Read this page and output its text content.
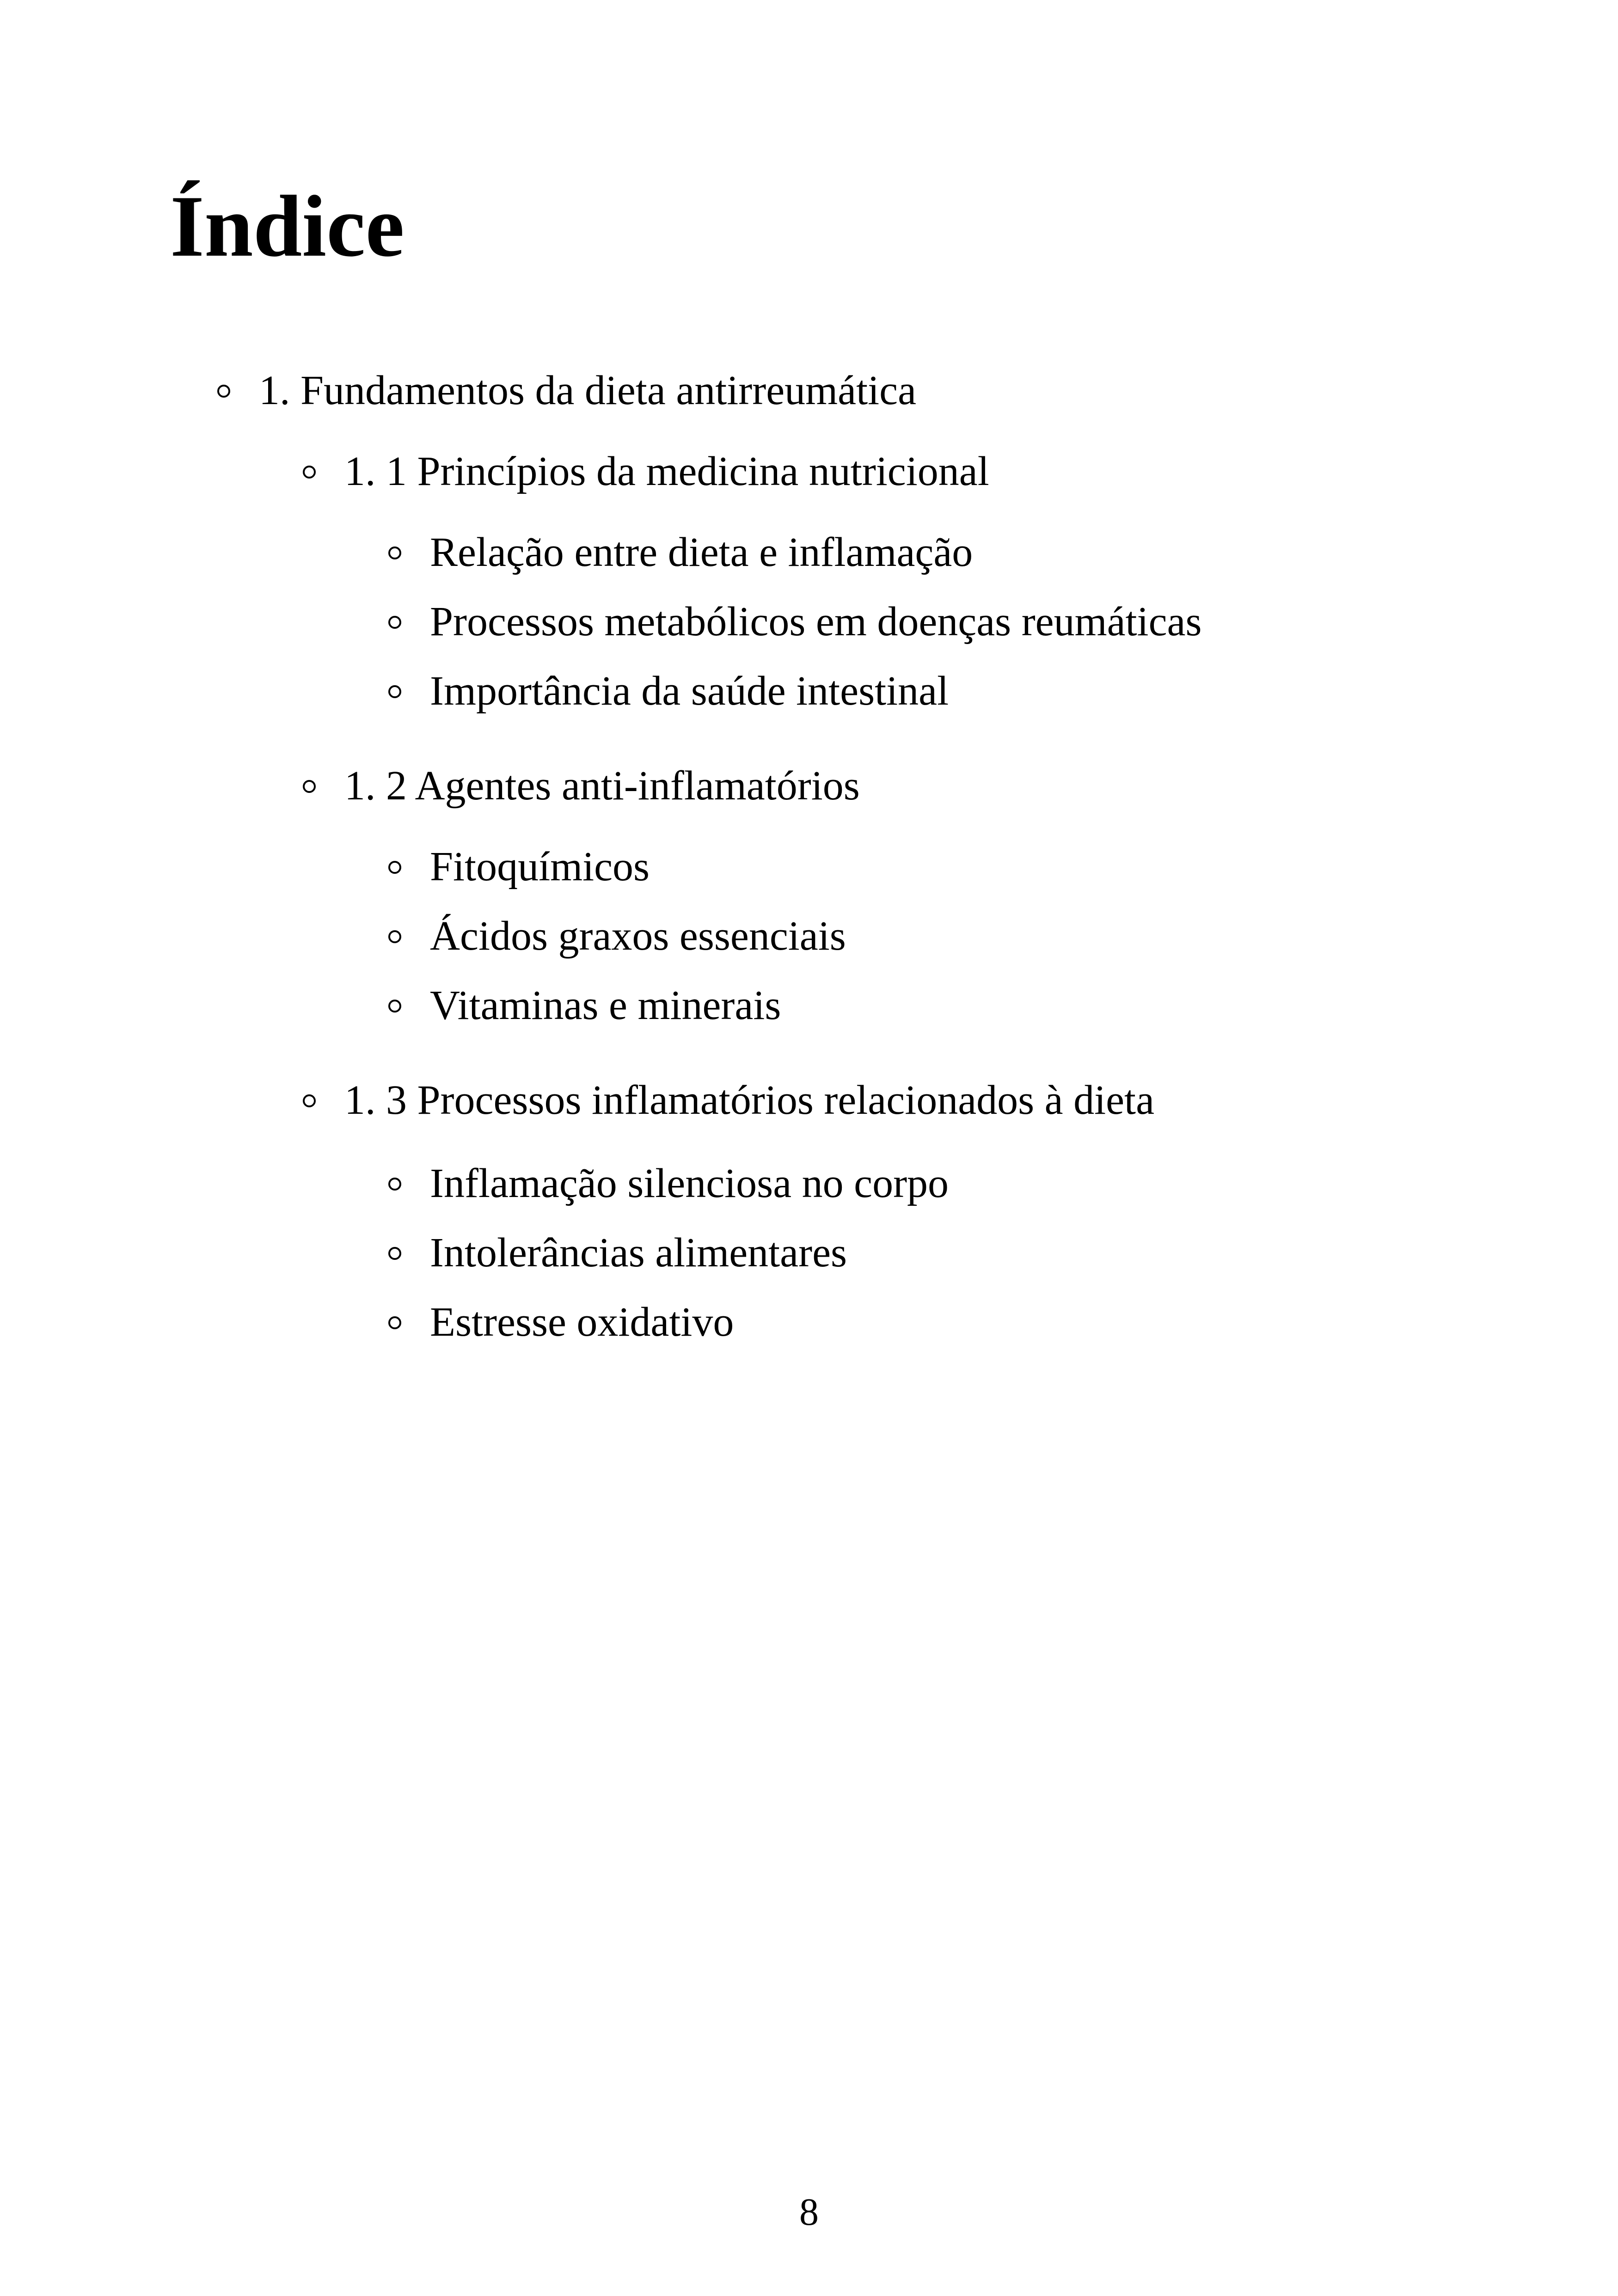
Índice
1. Fundamentos da dieta antirreumática
1. 1 Princípios da medicina nutricional
Relação entre dieta e inflamação
Processos metabólicos em doenças reumáticas
Importância da saúde intestinal
1. 2 Agentes anti-inflamatórios
Fitoquímicos
Ácidos graxos essenciais
Vitaminas e minerais
1. 3 Processos inflamatórios relacionados à dieta
Inflamação silenciosa no corpo
Intolerâncias alimentares
Estresse oxidativo
8
